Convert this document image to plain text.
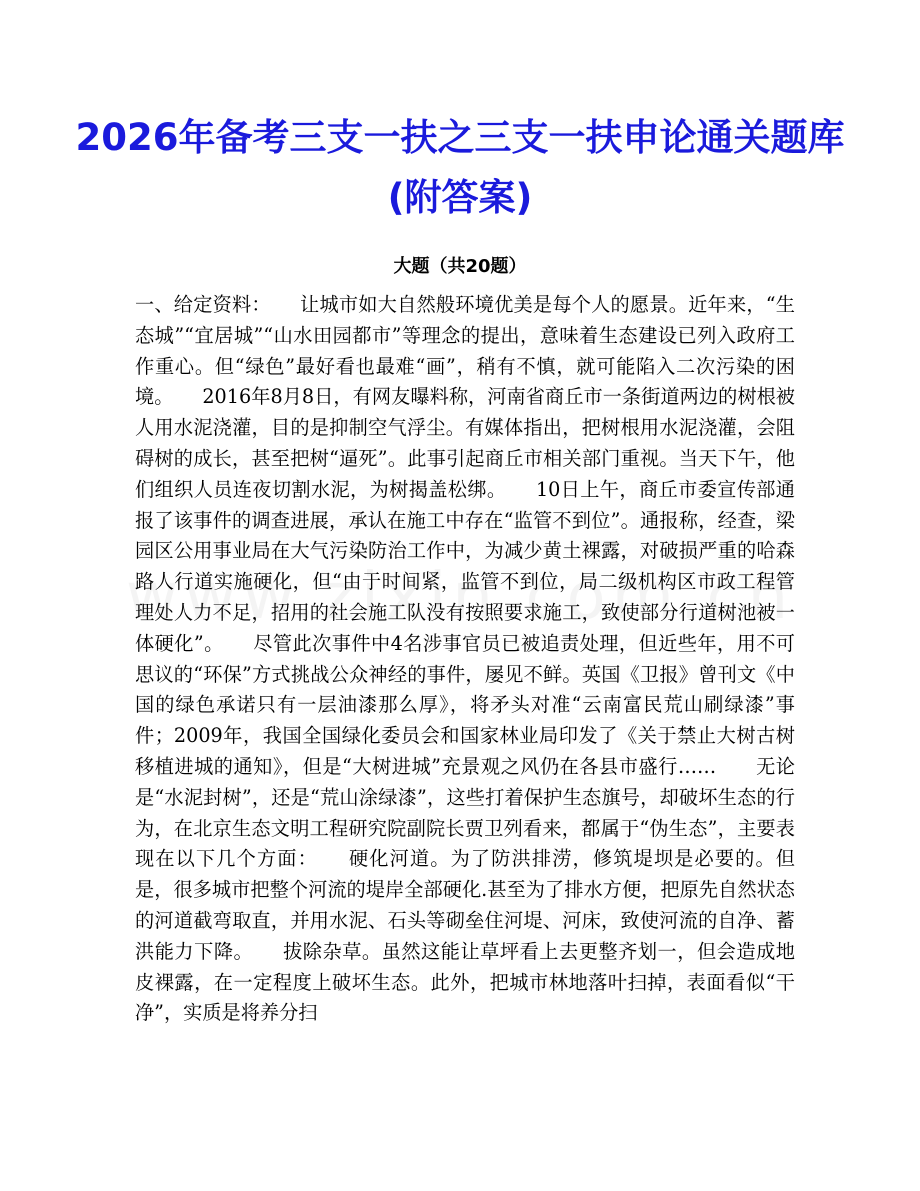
2026年备考三支一扶之三支一扶申论通关题库(附答案)
大题（共20题）

一、给定资料：　　让城市如大自然般环境优美是每个人的愿景。近年来，“生态城”“宜居城”“山水田园都市”等理念的提出，意味着生态建设已列入政府工作重心。但“绿色”最好看也最难“画”，稍有不慎，就可能陷入二次污染的困境。　　2016年8月8日，有网友曝料称，河南省商丘市一条街道两边的树根被人用水泥浇灌，目的是抑制空气浮尘。有媒体指出，把树根用水泥浇灌，会阻碍树的成长，甚至把树“逼死”。此事引起商丘市相关部门重视。当天下午，他们组织人员连夜切割水泥，为树揭盖松绑。　　10日上午，商丘市委宣传部通报了该事件的调查进展，承认在施工中存在“监管不到位”。通报称，经查，梁园区公用事业局在大气污染防治工作中，为减少黄土裸露，对破损严重的哈森路人行道实施硬化，但“由于时间紧，监管不到位，局二级机构区市政工程管理处人力不足，招用的社会施工队没有按照要求施工，致使部分行道树池被一体硬化”。　　尽管此次事件中4名涉事官员已被追责处理，但近些年，用不可思议的“环保”方式挑战公众神经的事件，屡见不鲜。英国《卫报》曾刊文《中国的绿色承诺只有一层油漆那么厚》，将矛头对准“云南富民荒山刷绿漆”事件；2009年，我国全国绿化委员会和国家林业局印发了《关于禁止大树古树移植进城的通知》，但是“大树进城”充景观之风仍在各县市盛行……　　无论是“水泥封树”，还是“荒山涂绿漆”，这些打着保护生态旗号，却破坏生态的行为，在北京生态文明工程研究院副院长贾卫列看来，都属于“伪生态”，主要表现在以下几个方面：　　硬化河道。为了防洪排涝，修筑堤坝是必要的。但是，很多城市把整个河流的堤岸全部硬化.甚至为了排水方便，把原先自然状态的河道截弯取直，并用水泥、石头等砌垒住河堤、河床，致使河流的自净、蓄洪能力下降。　　拔除杂草。虽然这能让草坪看上去更整齐划一，但会造成地皮裸露，在一定程度上破坏生态。此外，把城市林地落叶扫掉，表面看似“干净”，实质是将养分扫
